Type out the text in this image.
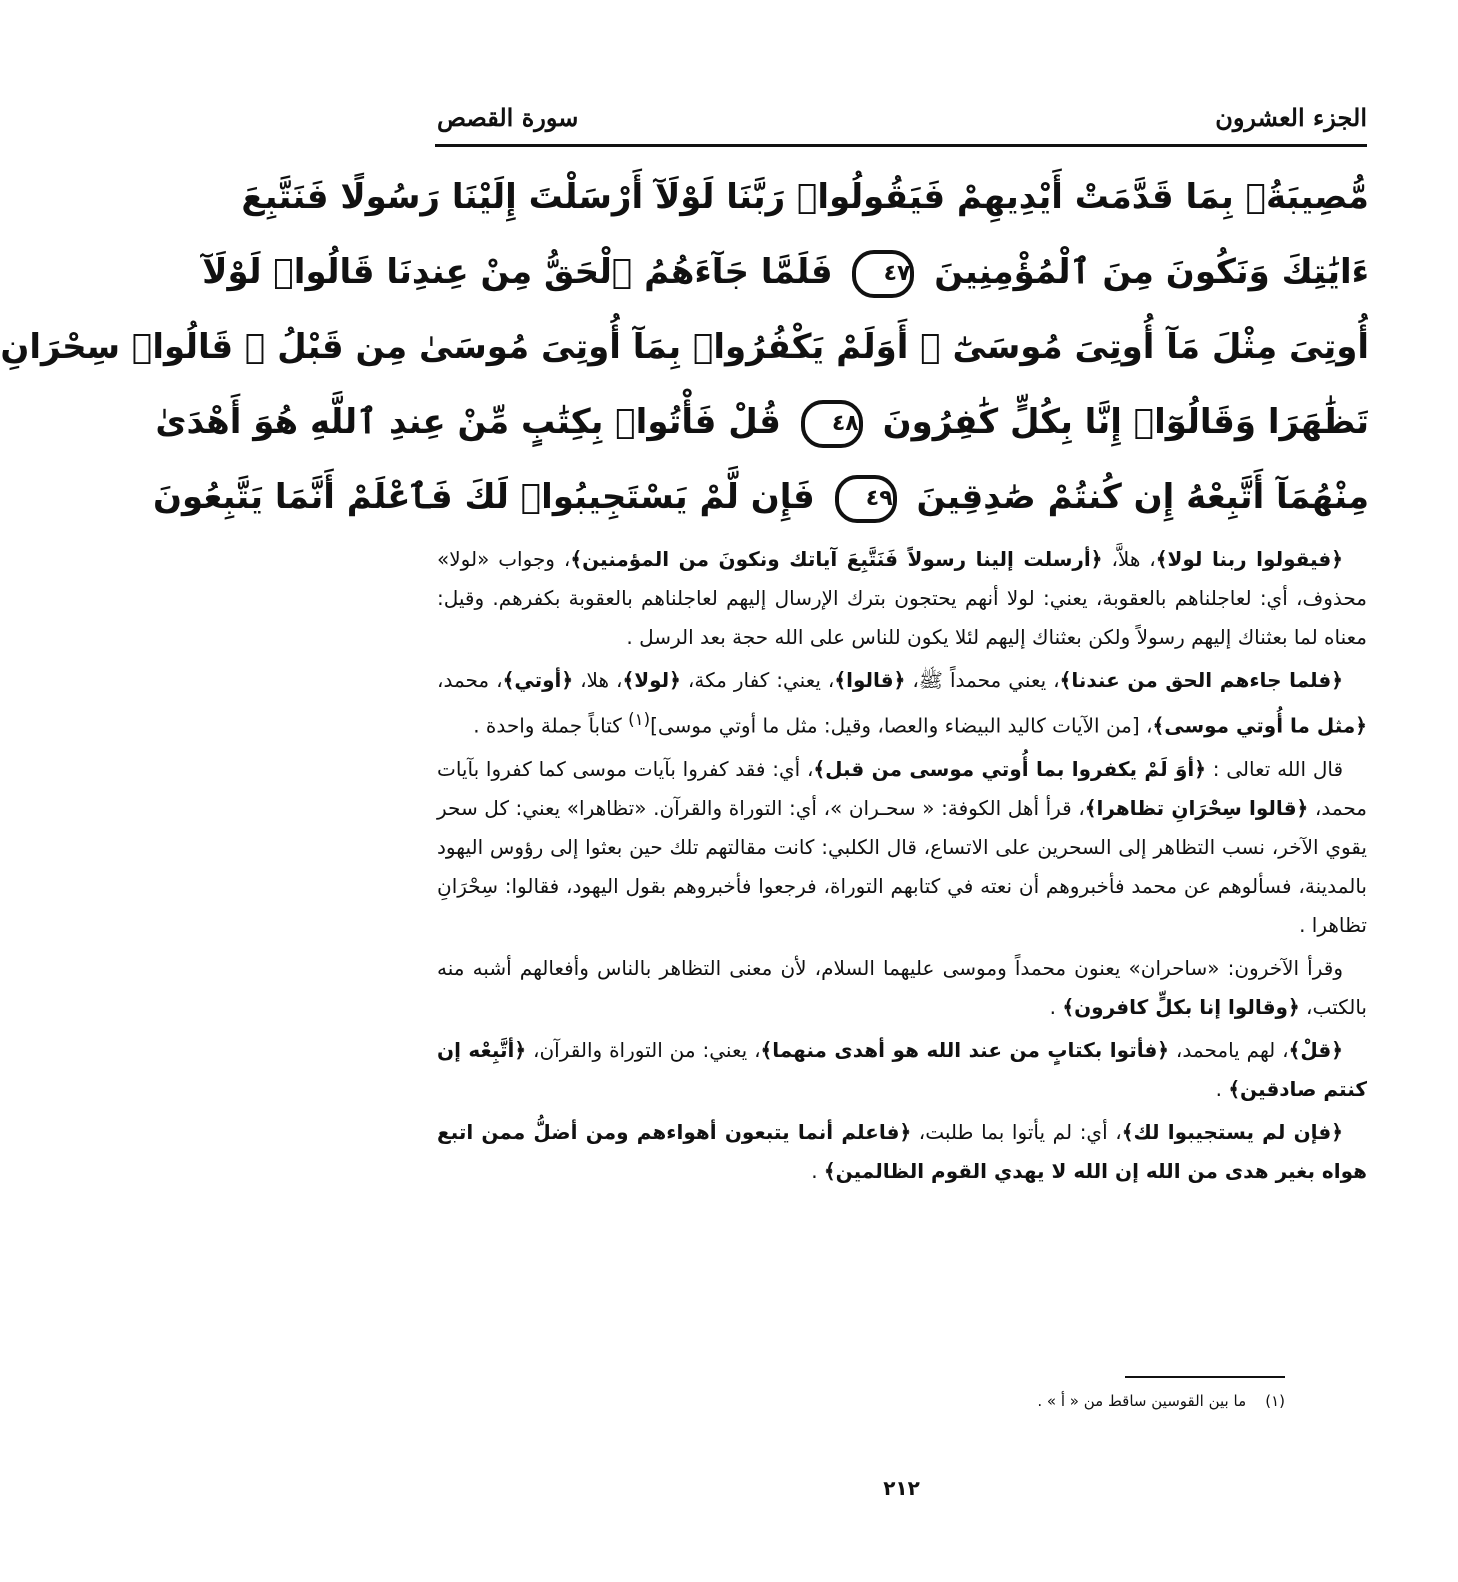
الجزء العشرون
سورة القصص
مُّصِيبَةُۢ بِمَا قَدَّمَتْ أَيْدِيهِمْ فَيَقُولُوا۟ رَبَّنَا لَوْلَآ أَرْسَلْتَ إِلَيْنَا رَسُولًا فَنَتَّبِعَ
ءَايَٰتِكَ وَنَكُونَ مِنَ ٱلْمُؤْمِنِينَ ٤٧ فَلَمَّا جَآءَهُمُ ٱلْحَقُّ مِنْ عِندِنَا قَالُوا۟ لَوْلَآ
أُوتِىَ مِثْلَ مَآ أُوتِىَ مُوسَىٰٓ ۚ أَوَلَمْ يَكْفُرُوا۟ بِمَآ أُوتِىَ مُوسَىٰ مِن قَبْلُ ۖ قَالُوا۟ سِحْرَانِ
تَظَٰهَرَا وَقَالُوٓا۟ إِنَّا بِكُلٍّ كَٰفِرُونَ ٤٨ قُلْ فَأْتُوا۟ بِكِتَٰبٍ مِّنْ عِندِ ٱللَّهِ هُوَ أَهْدَىٰ
مِنْهُمَآ أَتَّبِعْهُ إِن كُنتُمْ صَٰدِقِينَ ٤٩ فَإِن لَّمْ يَسْتَجِيبُوا۟ لَكَ فَٱعْلَمْ أَنَّمَا يَتَّبِعُونَ

﴿فيقولوا ربنا لولا﴾، هلاَّ، ﴿أرسلت إلينا رسولاً فَنَتَّبِعَ آياتك ونكونَ من المؤمنين﴾، وجواب «لولا» محذوف، أي: لعاجلناهم بالعقوبة، يعني: لولا أنهم يحتجون بترك الإرسال إليهم لعاجلناهم بالعقوبة بكفرهم. وقيل: معناه لما بعثناك إليهم رسولاً ولكن بعثناك إليهم لئلا يكون للناس على الله حجة بعد الرسل .

﴿فلما جاءهم الحق من عندنا﴾، يعني محمداً ﷺ، ﴿قالوا﴾، يعني: كفار مكة، ﴿لولا﴾، هلا، ﴿أوتي﴾، محمد، ﴿مثل ما أُوتي موسى﴾، [من الآيات كاليد البيضاء والعصا، وقيل: مثل ما أوتي موسى]$^{(١)}$ كتاباً جملة واحدة .

قال الله تعالى : ﴿أوَ لَمْ يكفروا بما أُوتي موسى من قبل﴾، أي: فقد كفروا بآيات موسى كما كفروا بآيات محمد، ﴿قالوا سِحْرَانِ تظاهرا﴾، قرأ أهل الكوفة: « سحـران »، أي: التوراة والقرآن. «تظاهرا» يعني: كل سحر يقوي الآخر، نسب التظاهر إلى السحرين على الاتساع، قال الكلبي: كانت مقالتهم تلك حين بعثوا إلى رؤوس اليهود بالمدينة، فسألوهم عن محمد فأخبروهم أن نعته في كتابهم التوراة، فرجعوا فأخبروهم بقول اليهود، فقالوا: سِحْرَانِ تظاهرا .

وقرأ الآخرون: «ساحران» يعنون محمداً وموسى عليهما السلام، لأن معنى التظاهر بالناس وأفعالهم أشبه منه بالكتب، ﴿وقالوا إنا بكلٍّ كافرون﴾ .

﴿قلْ﴾، لهم يامحمد، ﴿فأتوا بكتابٍ من عند الله هو أهدى منهما﴾، يعني: من التوراة والقرآن، ﴿أتَّبِعْه إن كنتم صادقين﴾ .

﴿فإن لم يستجيبوا لك﴾، أي: لم يأتوا بما طلبت، ﴿فاعلم أنما يتبعون أهواءهم ومن أضلُّ ممن اتبع هواه بغير هدى من الله إن الله لا يهدي القوم الظالمين﴾ .

(١)    ما بين القوسين ساقط من « أ » .
٢١٢
